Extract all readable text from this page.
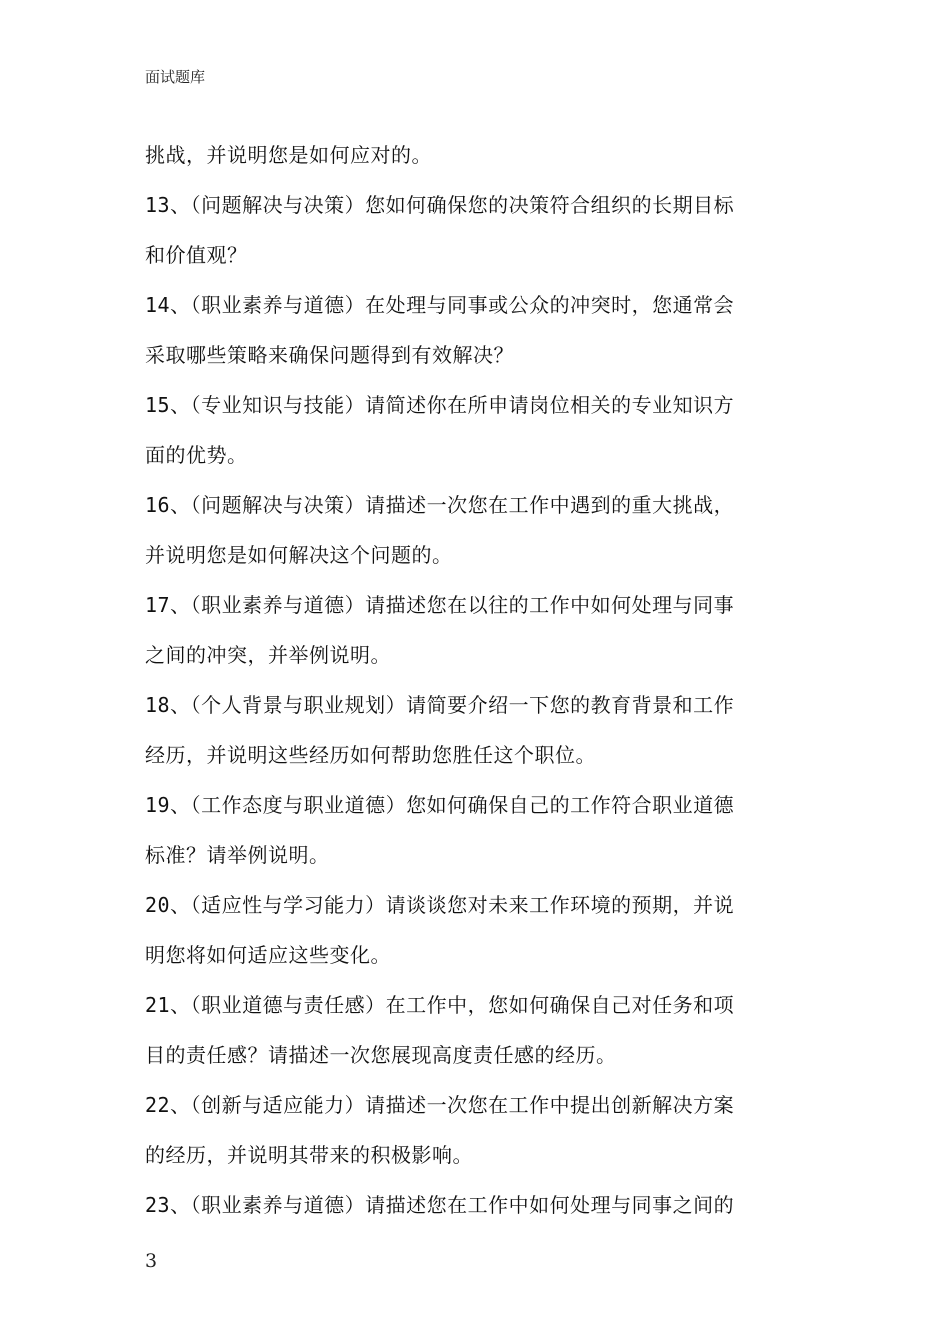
面试题库
挑战，并说明您是如何应对的。
13、（问题解决与决策）您如何确保您的决策符合组织的长期目标
和价值观？
14、（职业素养与道德）在处理与同事或公众的冲突时，您通常会
采取哪些策略来确保问题得到有效解决？
15、（专业知识与技能）请简述你在所申请岗位相关的专业知识方
面的优势。
16、（问题解决与决策）请描述一次您在工作中遇到的重大挑战，
并说明您是如何解决这个问题的。
17、（职业素养与道德）请描述您在以往的工作中如何处理与同事
之间的冲突，并举例说明。
18、（个人背景与职业规划）请简要介绍一下您的教育背景和工作
经历，并说明这些经历如何帮助您胜任这个职位。
19、（工作态度与职业道德）您如何确保自己的工作符合职业道德
标准？请举例说明。
20、（适应性与学习能力）请谈谈您对未来工作环境的预期，并说
明您将如何适应这些变化。
21、（职业道德与责任感）在工作中，您如何确保自己对任务和项
目的责任感？请描述一次您展现高度责任感的经历。
22、（创新与适应能力）请描述一次您在工作中提出创新解决方案
的经历，并说明其带来的积极影响。
23、（职业素养与道德）请描述您在工作中如何处理与同事之间的
3
